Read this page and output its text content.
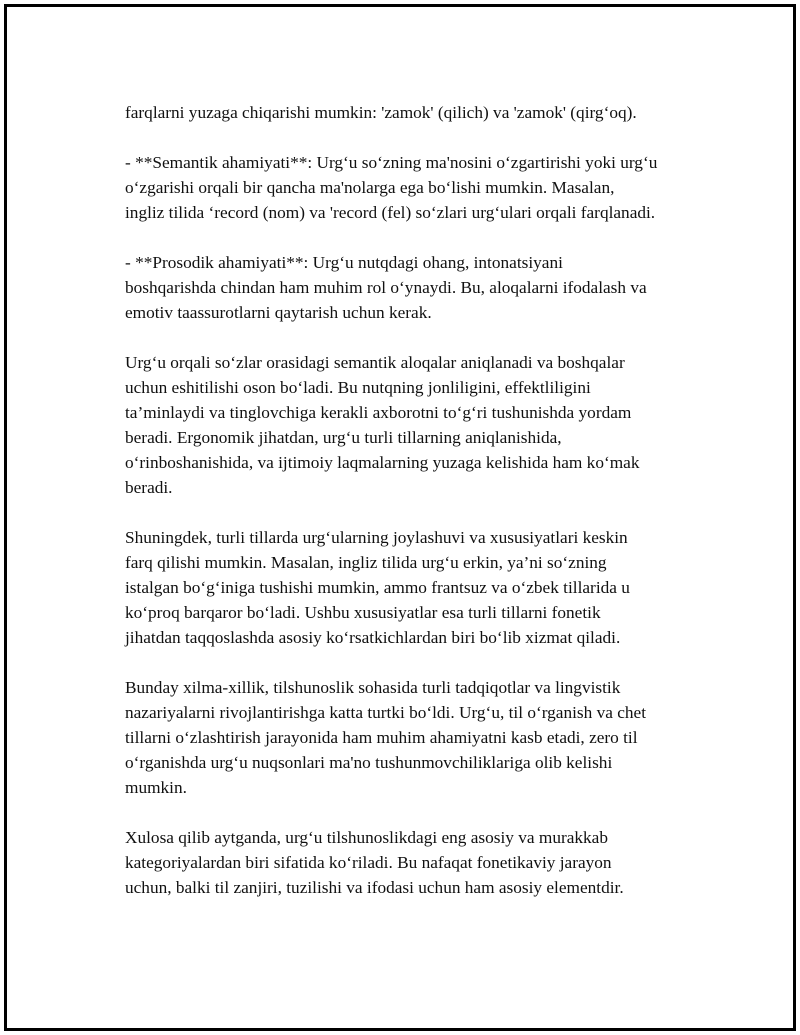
farqlarni yuzaga chiqarishi mumkin: 'zamok' (qilich) va 'zamok' (qirg‘oq).

- **Semantik ahamiyati**: Urg‘u so‘zning ma'nosini o‘zgartirishi yoki urg‘u
o‘zgarishi orqali bir qancha ma'nolarga ega bo‘lishi mumkin. Masalan,
ingliz tilida ‘record (nom) va 'record (fel) so‘zlari urg‘ulari orqali farqlanadi.

- **Prosodik ahamiyati**: Urg‘u nutqdagi ohang, intonatsiyani
boshqarishda chindan ham muhim rol o‘ynaydi. Bu, aloqalarni ifodalash va
emotiv taassurotlarni qaytarish uchun kerak.

Urg‘u orqali so‘zlar orasidagi semantik aloqalar aniqlanadi va boshqalar
uchun eshitilishi oson bo‘ladi. Bu nutqning jonliligini, effektliligini
ta’minlaydi va tinglovchiga kerakli axborotni to‘g‘ri tushunishda yordam
beradi. Ergonomik jihatdan, urg‘u turli tillarning aniqlanishida,
o‘rinboshanishida, va ijtimoiy laqmalarning yuzaga kelishida ham ko‘mak
beradi.

Shuningdek, turli tillarda urg‘ularning joylashuvi va xususiyatlari keskin
farq qilishi mumkin. Masalan, ingliz tilida urg‘u erkin, ya’ni so‘zning
istalgan bo‘g‘iniga tushishi mumkin, ammo frantsuz va o‘zbek tillarida u
ko‘proq barqaror bo‘ladi. Ushbu xususiyatlar esa turli tillarni fonetik
jihatdan taqqoslashda asosiy ko‘rsatkichlardan biri bo‘lib xizmat qiladi.

Bunday xilma-xillik, tilshunoslik sohasida turli tadqiqotlar va lingvistik
nazariyalarni rivojlantirishga katta turtki bo‘ldi. Urg‘u, til o‘rganish va chet
tillarni o‘zlashtirish jarayonida ham muhim ahamiyatni kasb etadi, zero til
o‘rganishda urg‘u nuqsonlari ma'no tushunmovchiliklariga olib kelishi
mumkin.

Xulosa qilib aytganda, urg‘u tilshunoslikdagi eng asosiy va murakkab
kategoriyalardan biri sifatida ko‘riladi. Bu nafaqat fonetikaviy jarayon
uchun, balki til zanjiri, tuzilishi va ifodasi uchun ham asosiy elementdir.
